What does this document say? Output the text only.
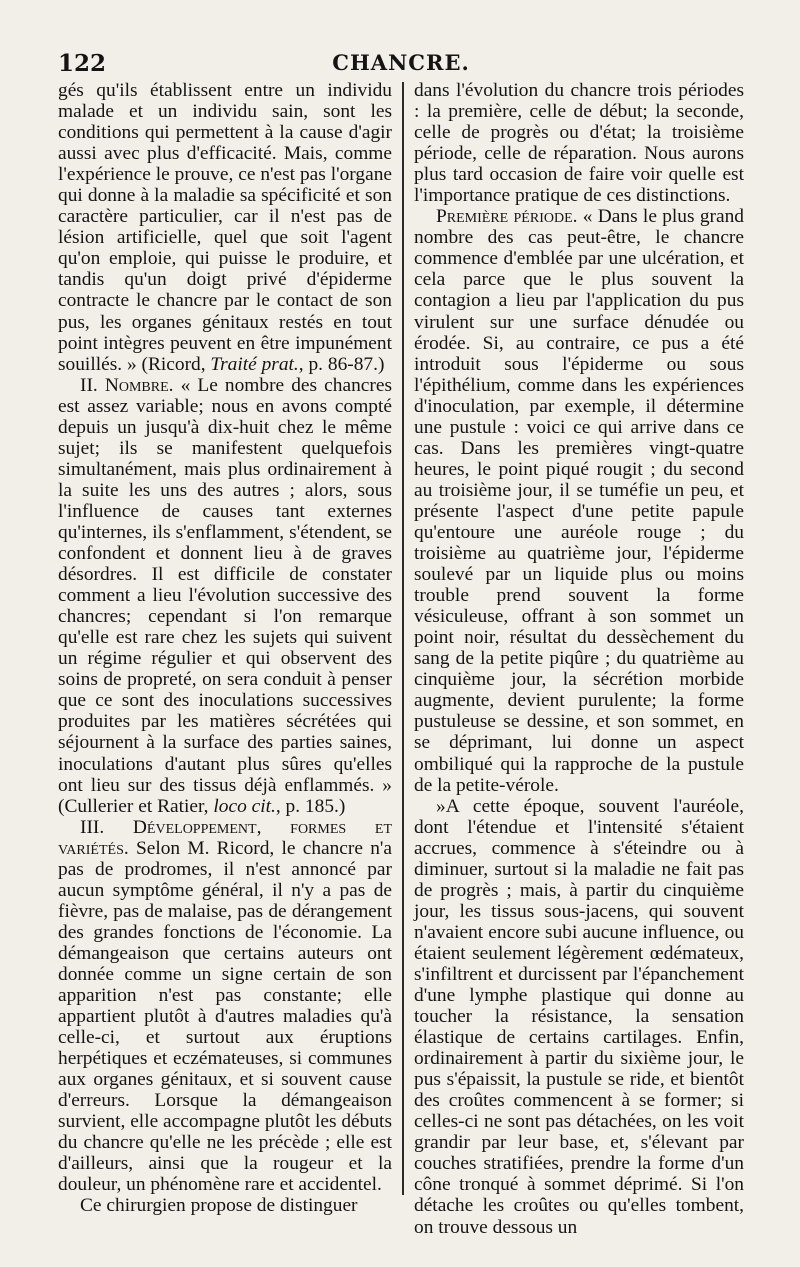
122	CHANCRE.

gés qu'ils établissent entre un individu malade et un individu sain, sont les conditions qui permettent à la cause d'agir aussi avec plus d'efficacité. Mais, comme l'expérience le prouve, ce n'est pas l'organe qui donne à la maladie sa spécificité et son caractère particulier, car il n'est pas de lésion artificielle, quel que soit l'agent qu'on emploie, qui puisse le produire, et tandis qu'un doigt privé d'épiderme contracte le chancre par le contact de son pus, les organes génitaux restés en tout point intègres peuvent en être impunément souillés. » (Ricord, Traité prat., p. 86-87.)

II. Nombre. « Le nombre des chancres est assez variable; nous en avons compté depuis un jusqu'à dix-huit chez le même sujet; ils se manifestent quelquefois simultanément, mais plus ordinairement à la suite les uns des autres ; alors, sous l'influence de causes tant externes qu'internes, ils s'enflamment, s'étendent, se confondent et donnent lieu à de graves désordres. Il est difficile de constater comment a lieu l'évolution successive des chancres; cependant si l'on remarque qu'elle est rare chez les sujets qui suivent un régime régulier et qui observent des soins de propreté, on sera conduit à penser que ce sont des inoculations successives produites par les matières sécrétées qui séjournent à la surface des parties saines, inoculations d'autant plus sûres qu'elles ont lieu sur des tissus déjà enflammés. » (Cullerier et Ratier, loco cit., p. 185.)

III. Développement, formes et variétés. Selon M. Ricord, le chancre n'a pas de prodromes, il n'est annoncé par aucun symptôme général, il n'y a pas de fièvre, pas de malaise, pas de dérangement des grandes fonctions de l'économie. La démangeaison que certains auteurs ont donnée comme un signe certain de son apparition n'est pas constante; elle appartient plutôt à d'autres maladies qu'à celle-ci, et surtout aux éruptions herpétiques et eczémateuses, si communes aux organes génitaux, et si souvent cause d'erreurs. Lorsque la démangeaison survient, elle accompagne plutôt les débuts du chancre qu'elle ne les précède ; elle est d'ailleurs, ainsi que la rougeur et la douleur, un phénomène rare et accidentel.

Ce chirurgien propose de distinguer

dans l'évolution du chancre trois périodes : la première, celle de début; la seconde, celle de progrès ou d'état; la troisième période, celle de réparation. Nous aurons plus tard occasion de faire voir quelle est l'importance pratique de ces distinctions.

Première période. « Dans le plus grand nombre des cas peut-être, le chancre commence d'emblée par une ulcération, et cela parce que le plus souvent la contagion a lieu par l'application du pus virulent sur une surface dénudée ou érodée. Si, au contraire, ce pus a été introduit sous l'épiderme ou sous l'épithélium, comme dans les expériences d'inoculation, par exemple, il détermine une pustule : voici ce qui arrive dans ce cas. Dans les premières vingt-quatre heures, le point piqué rougit ; du second au troisième jour, il se tuméfie un peu, et présente l'aspect d'une petite papule qu'entoure une auréole rouge ; du troisième au quatrième jour, l'épiderme soulevé par un liquide plus ou moins trouble prend souvent la forme vésiculeuse, offrant à son sommet un point noir, résultat du dessèchement du sang de la petite piqûre ; du quatrième au cinquième jour, la sécrétion morbide augmente, devient purulente; la forme pustuleuse se dessine, et son sommet, en se déprimant, lui donne un aspect ombiliqué qui la rapproche de la pustule de la petite-vérole.

»A cette époque, souvent l'auréole, dont l'étendue et l'intensité s'étaient accrues, commence à s'éteindre ou à diminuer, surtout si la maladie ne fait pas de progrès ; mais, à partir du cinquième jour, les tissus sous-jacens, qui souvent n'avaient encore subi aucune influence, ou étaient seulement légèrement œdémateux, s'infiltrent et durcissent par l'épanchement d'une lymphe plastique qui donne au toucher la résistance, la sensation élastique de certains cartilages. Enfin, ordinairement à partir du sixième jour, le pus s'épaissit, la pustule se ride, et bientôt des croûtes commencent à se former; si celles-ci ne sont pas détachées, on les voit grandir par leur base, et, s'élevant par couches stratifiées, prendre la forme d'un cône tronqué à sommet déprimé. Si l'on détache les croûtes ou qu'elles tombent, on trouve dessous un
